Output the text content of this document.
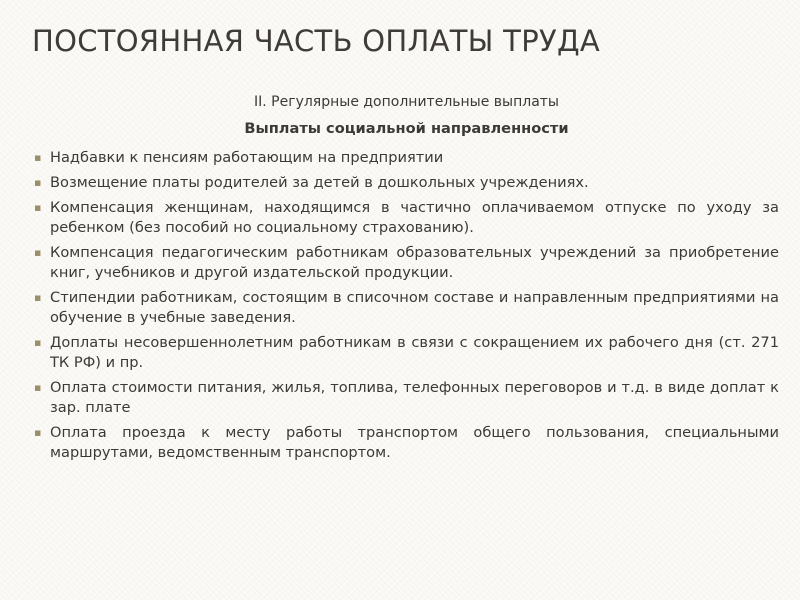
ПОСТОЯННАЯ ЧАСТЬ ОПЛАТЫ ТРУДА

II. Регулярные дополнительные выплаты

Выплаты социальной направленности

▪ Надбавки к пенсиям работающим на предприятии
▪ Возмещение платы родителей за детей в дошкольных учреждениях.
▪ Компенсация женщинам, находящимся в частично оплачиваемом отпуске по уходу за ребенком (без пособий но социальному страхованию).
▪ Компенсация педагогическим работникам образовательных учреждений за приобретение книг, учебников и другой издательской продукции.
▪ Стипендии работникам, состоящим в списочном составе и направленным предприятиями на обучение в учебные заведения.
▪ Доплаты несовершеннолетним работникам в связи с сокращением их рабочего дня (ст. 271 ТК РФ) и пр.
▪ Оплата стоимости питания, жилья, топлива, телефонных переговоров и т.д. в виде доплат к зар. плате
▪ Оплата проезда к месту работы транспортом общего пользования, специальными маршрутами, ведомственным транспортом.
